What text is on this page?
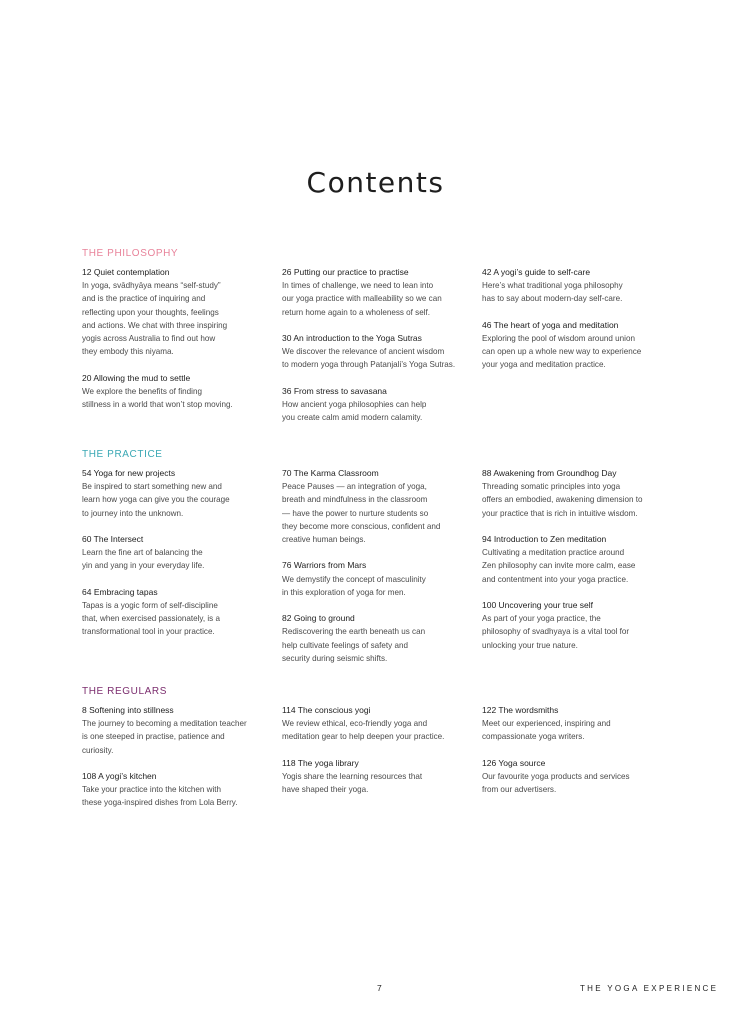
Contents
THE PHILOSOPHY

12 Quiet contemplation

In yoga, svādhyāya means “self-study”

and is the practice of inquiring and

reflecting upon your thoughts, feelings

and actions. We chat with three inspiring

yogis across Australia to find out how

they embody this niyama.

20 Allowing the mud to settle

We explore the benefits of finding

stillness in a world that won’t stop moving.

26 Putting our practice to practise

In times of challenge, we need to lean into

our yoga practice with malleability so we can

return home again to a wholeness of self.

30 An introduction to the Yoga Sutras

We discover the relevance of ancient wisdom

to modern yoga through Patanjali’s Yoga Sutras.

36 From stress to savasana

How ancient yoga philosophies can help

you create calm amid modern calamity.

42 A yogi’s guide to self-care

Here’s what traditional yoga philosophy

has to say about modern-day self-care.

46 The heart of yoga and meditation

Exploring the pool of wisdom around union

can open up a whole new way to experience

your yoga and meditation practice.

THE PRACTICE

54 Yoga for new projects

Be inspired to start something new and

learn how yoga can give you the courage

to journey into the unknown.

60 The Intersect

Learn the fine art of balancing the

yin and yang in your everyday life.

64 Embracing tapas

Tapas is a yogic form of self-discipline

that, when exercised passionately, is a

transformational tool in your practice.

70 The Karma Classroom

Peace Pauses — an integration of yoga,

breath and mindfulness in the classroom

— have the power to nurture students so

they become more conscious, confident and

creative human beings.

76 Warriors from Mars

We demystify the concept of masculinity

in this exploration of yoga for men.

82 Going to ground

Rediscovering the earth beneath us can

help cultivate feelings of safety and

security during seismic shifts.

88 Awakening from Groundhog Day

Threading somatic principles into yoga

offers an embodied, awakening dimension to

your practice that is rich in intuitive wisdom.

94 Introduction to Zen meditation

Cultivating a meditation practice around

Zen philosophy can invite more calm, ease

and contentment into your yoga practice.

100 Uncovering your true self

As part of your yoga practice, the

philosophy of svadhyaya is a vital tool for

unlocking your true nature.

THE REGULARS

8 Softening into stillness

The journey to becoming a meditation teacher

is one steeped in practise, patience and

curiosity.

108 A yogi’s kitchen

Take your practice into the kitchen with

these yoga-inspired dishes from Lola Berry.

114 The conscious yogi

We review ethical, eco-friendly yoga and

meditation gear to help deepen your practice.

118 The yoga library

Yogis share the learning resources that

have shaped their yoga.

122 The wordsmiths

Meet our experienced, inspiring and

compassionate yoga writers.

126 Yoga source

Our favourite yoga products and services

from our advertisers.

7	THE YOGA EXPERIENCE
